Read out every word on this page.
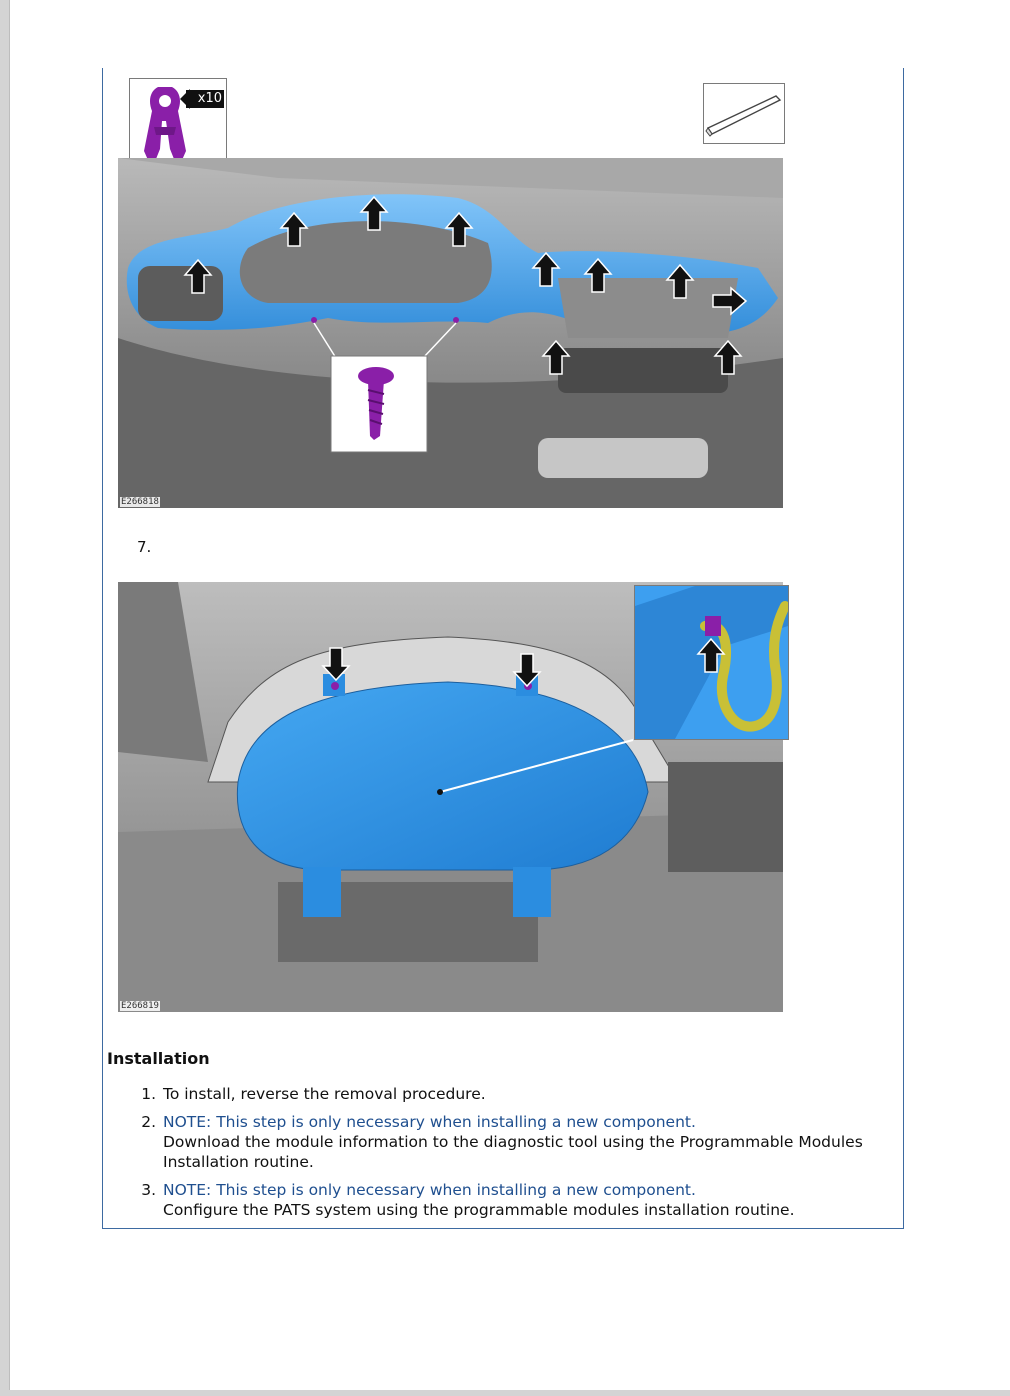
x10
E266818
7.
E266819
Installation
1. To install, reverse the removal procedure.
2. NOTE: This step is only necessary when installing a new component.
Download the module information to the diagnostic tool using the Programmable Modules Installation routine.
3. NOTE: This step is only necessary when installing a new component.
Configure the PATS system using the programmable modules installation routine.
